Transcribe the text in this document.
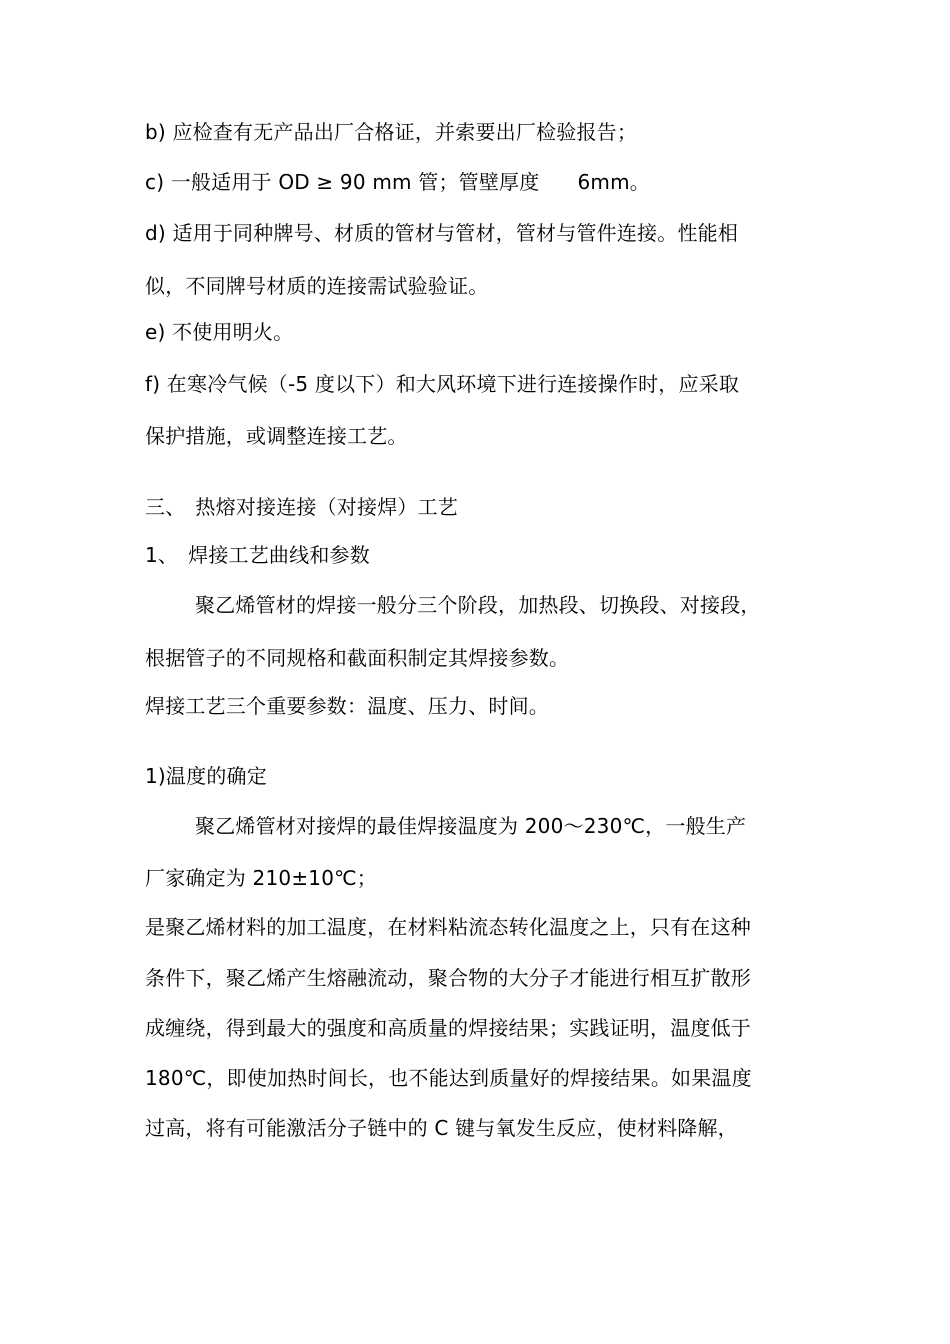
b) 应检查有无产品出厂合格证，并索要出厂检验报告；
c) 一般适用于 OD ≥ 90 mm 管；管壁厚度 6mm。
d) 适用于同种牌号、材质的管材与管材，管材与管件连接。性能相
似，不同牌号材质的连接需试验验证。
e) 不使用明火。
f) 在寒冷气候（-5 度以下）和大风环境下进行连接操作时，应采取
保护措施，或调整连接工艺。
三、 热熔对接连接（对接焊）工艺
1、 焊接工艺曲线和参数
聚乙烯管材的焊接一般分三个阶段，加热段、切换段、对接段，
根据管子的不同规格和截面积制定其焊接参数。
焊接工艺三个重要参数：温度、压力、时间。
1)温度的确定
聚乙烯管材对接焊的最佳焊接温度为 200～230℃，一般生产
厂家确定为 210±10℃；
是聚乙烯材料的加工温度，在材料粘流态转化温度之上，只有在这种
条件下，聚乙烯产生熔融流动，聚合物的大分子才能进行相互扩散形
成缠绕，得到最大的强度和高质量的焊接结果；实践证明，温度低于
180℃，即使加热时间长，也不能达到质量好的焊接结果。如果温度
过高，将有可能激活分子链中的 C 键与氧发生反应，使材料降解，
